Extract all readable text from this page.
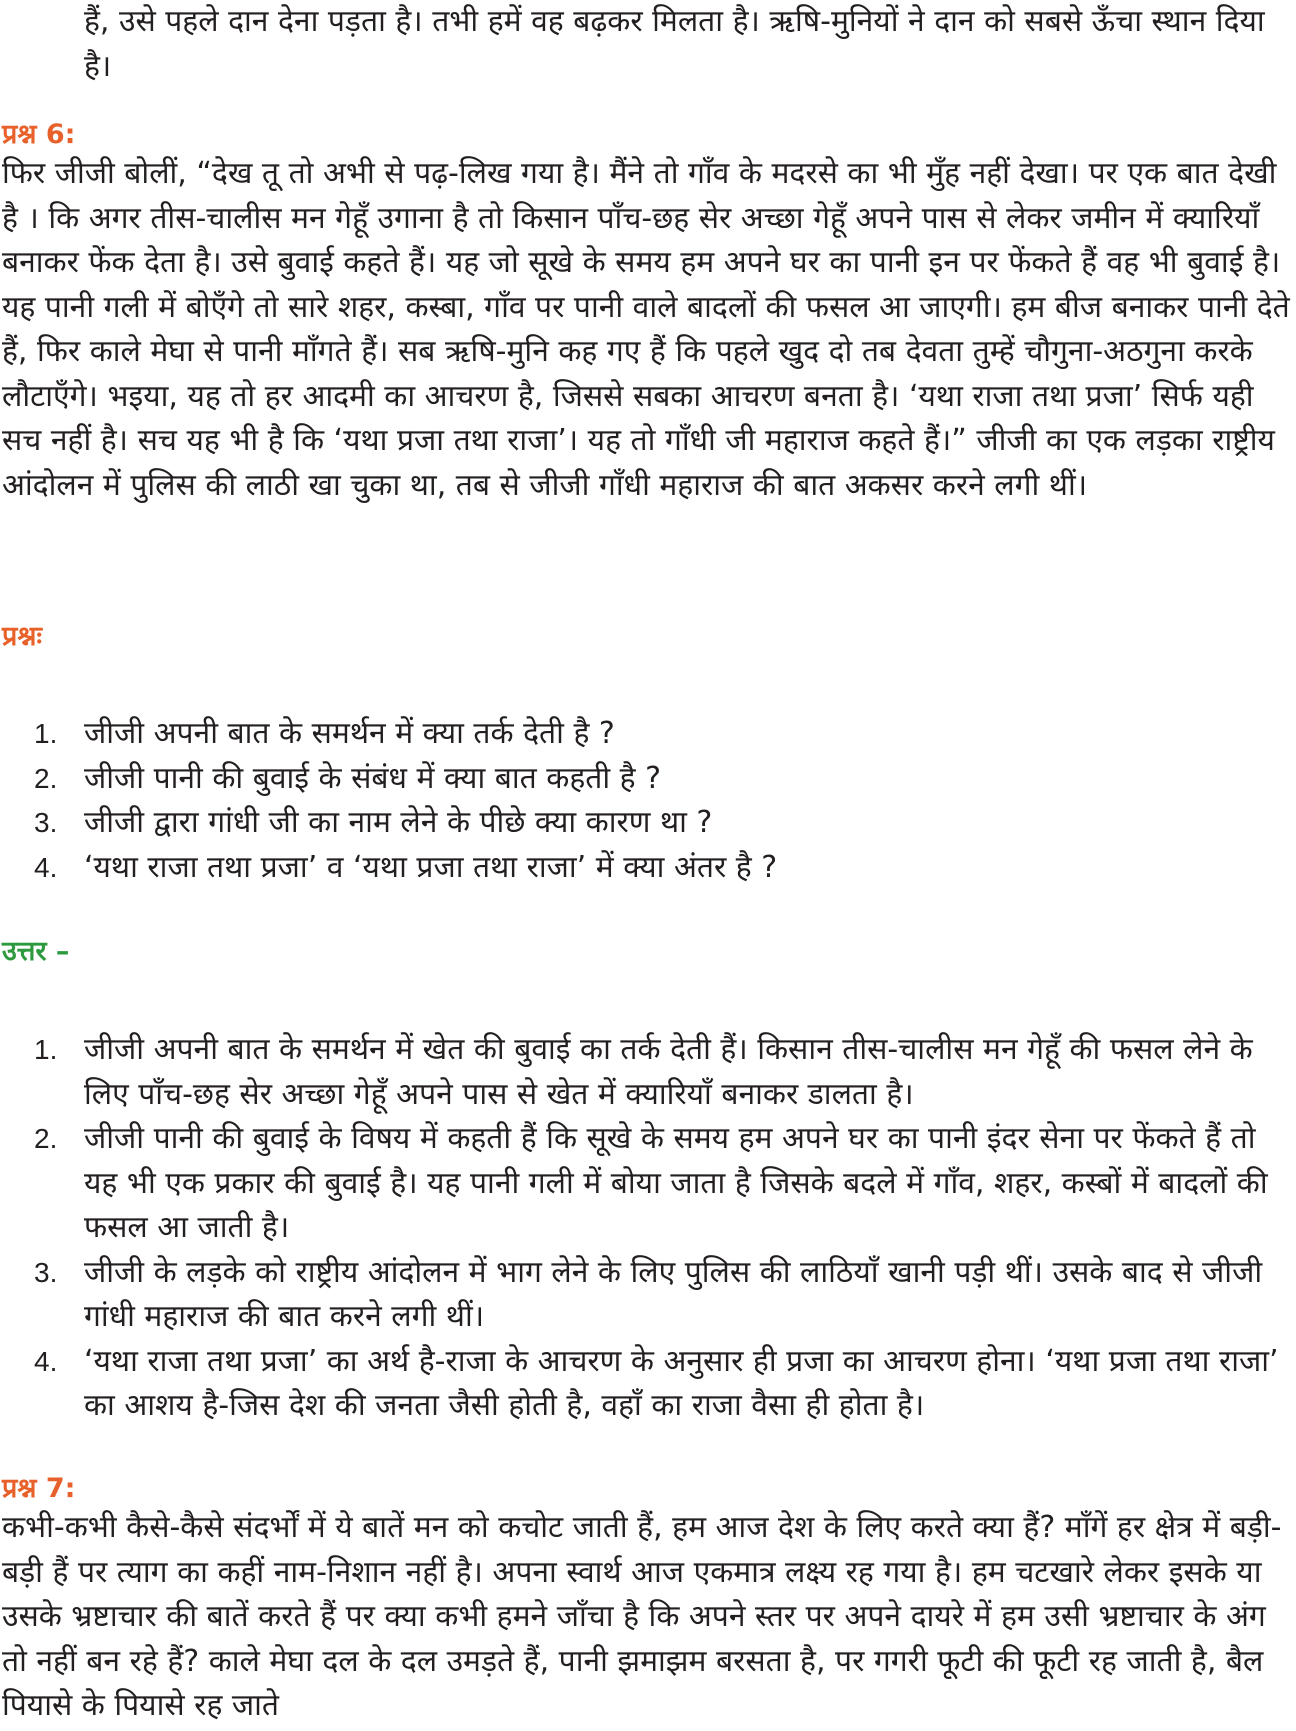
हैं, उसे पहले दान देना पड़ता है। तभी हमें वह बढ़कर मिलता है। ऋषि-मुनियों ने दान को सबसे ऊँचा स्थान दिया है।

प्रश्न 6:

फिर जीजी बोलीं, “देख तू तो अभी से पढ़-लिख गया है। मैंने तो गाँव के मदरसे का भी मुँह नहीं देखा। पर एक बात देखी है । कि अगर तीस-चालीस मन गेहूँ उगाना है तो किसान पाँच-छह सेर अच्छा गेहूँ अपने पास से लेकर जमीन में क्यारियाँ बनाकर फेंक देता है। उसे बुवाई कहते हैं। यह जो सूखे के समय हम अपने घर का पानी इन पर फेंकते हैं वह भी बुवाई है। यह पानी गली में बोएँगे तो सारे शहर, कस्बा, गाँव पर पानी वाले बादलों की फसल आ जाएगी। हम बीज बनाकर पानी देते हैं, फिर काले मेघा से पानी माँगते हैं। सब ऋषि-मुनि कह गए हैं कि पहले खुद दो तब देवता तुम्हें चौगुना-अठगुना करके लौटाएँगे। भइया, यह तो हर आदमी का आचरण है, जिससे सबका आचरण बनता है। ‘यथा राजा तथा प्रजा’ सिर्फ यही सच नहीं है। सच यह भी है कि ‘यथा प्रजा तथा राजा’। यह तो गाँधी जी महाराज कहते हैं।” जीजी का एक लड़का राष्ट्रीय आंदोलन में पुलिस की लाठी खा चुका था, तब से जीजी गाँधी महाराज की बात अकसर करने लगी थीं।

प्रश्नः
1. जीजी अपनी बात के समर्थन में क्या तर्क देती है ?
2. जीजी पानी की बुवाई के संबंध में क्या बात कहती है ?
3. जीजी द्वारा गांधी जी का नाम लेने के पीछे क्या कारण था ?
4. ‘यथा राजा तथा प्रजा’ व ‘यथा प्रजा तथा राजा’ में क्या अंतर है ?
उत्तर –
1. जीजी अपनी बात के समर्थन में खेत की बुवाई का तर्क देती हैं। किसान तीस-चालीस मन गेहूँ की फसल लेने के लिए पाँच-छह सेर अच्छा गेहूँ अपने पास से खेत में क्यारियाँ बनाकर डालता है।
2. जीजी पानी की बुवाई के विषय में कहती हैं कि सूखे के समय हम अपने घर का पानी इंदर सेना पर फेंकते हैं तो यह भी एक प्रकार की बुवाई है। यह पानी गली में बोया जाता है जिसके बदले में गाँव, शहर, कस्बों में बादलों की फसल आ जाती है।
3. जीजी के लड़के को राष्ट्रीय आंदोलन में भाग लेने के लिए पुलिस की लाठियाँ खानी पड़ी थीं। उसके बाद से जीजी गांधी महाराज की बात करने लगी थीं।
4. ‘यथा राजा तथा प्रजा’ का अर्थ है-राजा के आचरण के अनुसार ही प्रजा का आचरण होना। ‘यथा प्रजा तथा राजा’ का आशय है-जिस देश की जनता जैसी होती है, वहाँ का राजा वैसा ही होता है।
प्रश्न 7:

कभी-कभी कैसे-कैसे संदर्भों में ये बातें मन को कचोट जाती हैं, हम आज देश के लिए करते क्या हैं? माँगें हर क्षेत्र में बड़ी-बड़ी हैं पर त्याग का कहीं नाम-निशान नहीं है। अपना स्वार्थ आज एकमात्र लक्ष्य रह गया है। हम चटखारे लेकर इसके या उसके भ्रष्टाचार की बातें करते हैं पर क्या कभी हमने जाँचा है कि अपने स्तर पर अपने दायरे में हम उसी भ्रष्टाचार के अंग तो नहीं बन रहे हैं? काले मेघा दल के दल उमड़ते हैं, पानी झमाझम बरसता है, पर गगरी फूटी की फूटी रह जाती है, बैल पियासे के पियासे रह जाते
